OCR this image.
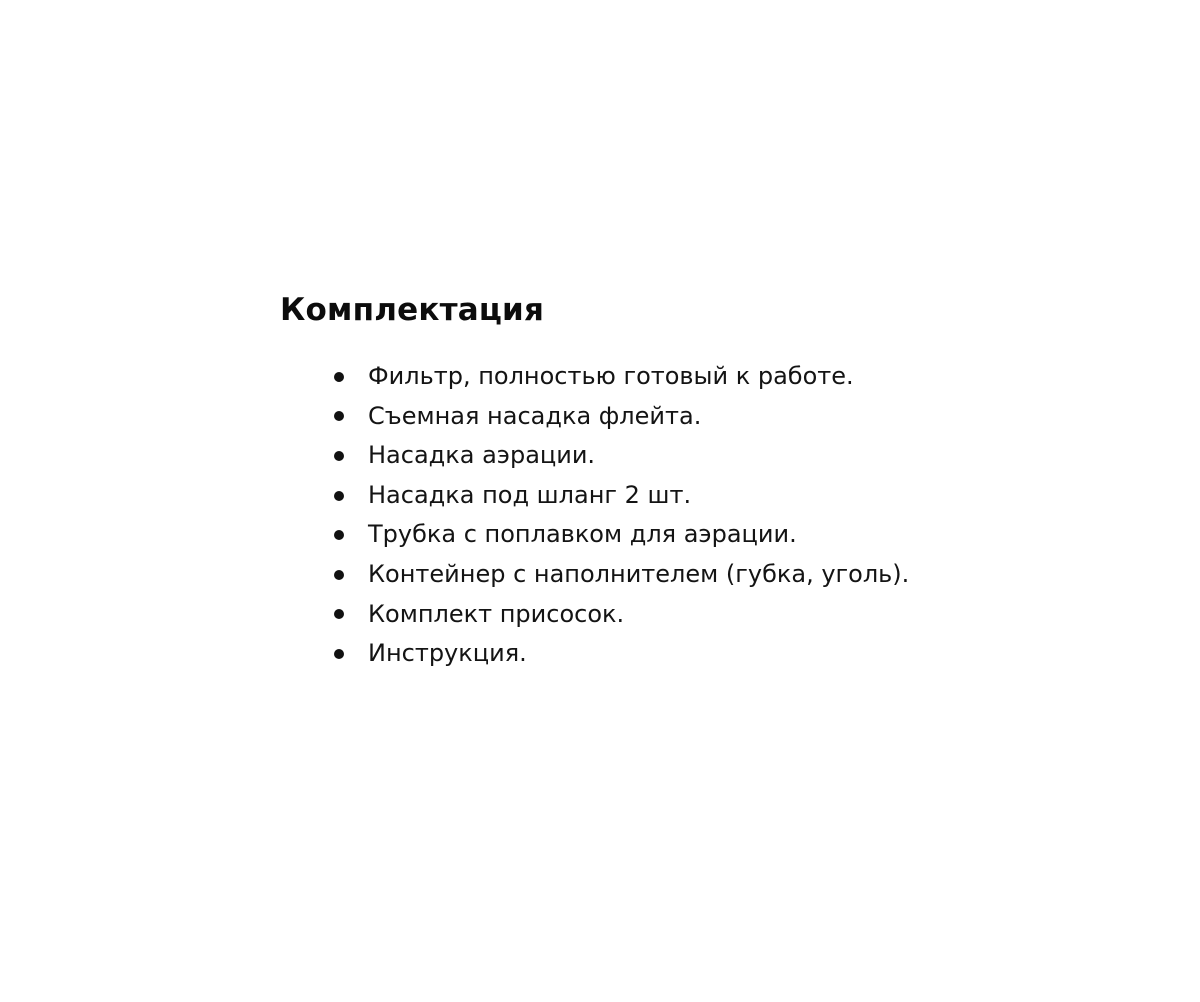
Комплектация
Фильтр, полностью готовый к работе.
Съемная насадка флейта.
Насадка аэрации.
Насадка под шланг 2 шт.
Трубка с поплавком для аэрации.
Контейнер с наполнителем (губка, уголь).
Комплект присосок.
Инструкция.
